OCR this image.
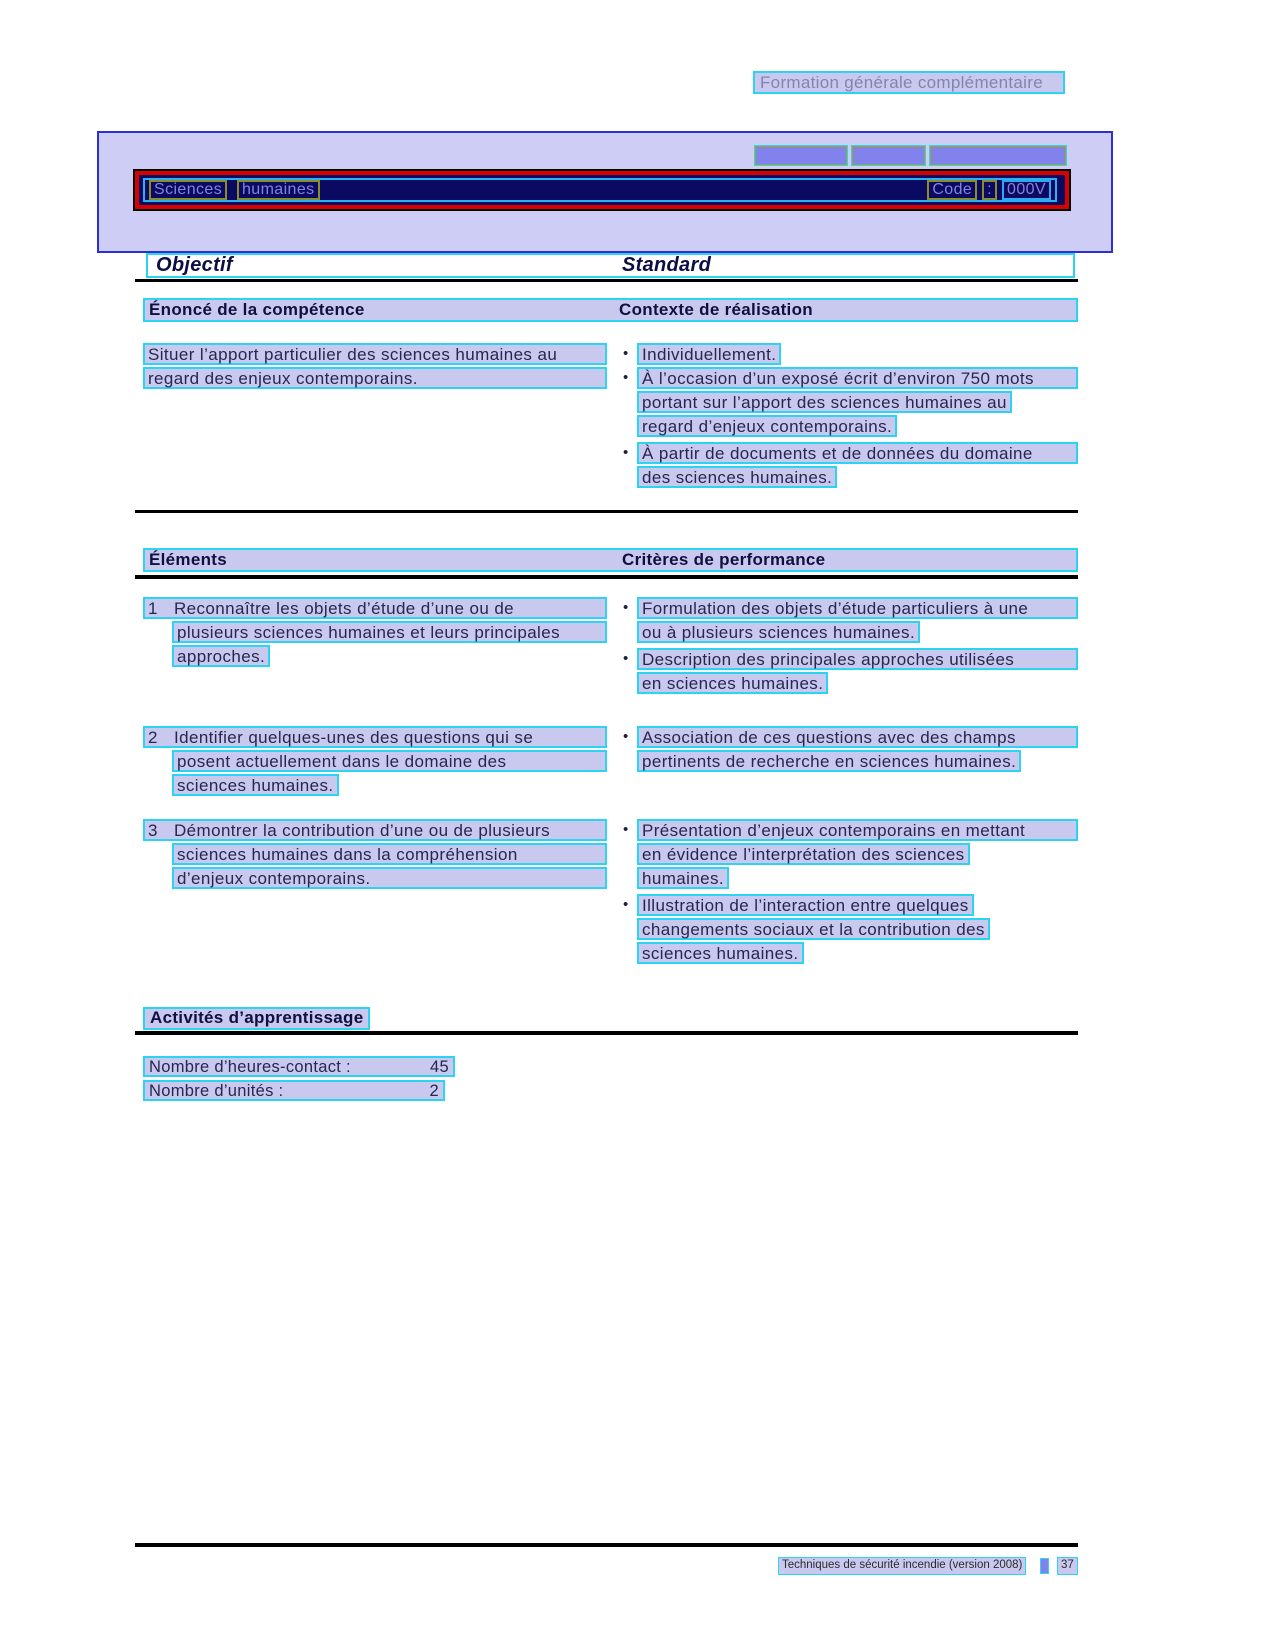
Formation générale complémentaire
Sciences humaines	Code : 000V
Objectif	Standard
Énoncé de la compétence	Contexte de réalisation
Situer l’apport particulier des sciences humaines au
regard des enjeux contemporains.
• Individuellement.
• À l’occasion d’un exposé écrit d’environ 750 mots
portant sur l’apport des sciences humaines au
regard d’enjeux contemporains.
• À partir de documents et de données du domaine
des sciences humaines.
Éléments	Critères de performance
1 Reconnaître les objets d’étude d’une ou de
plusieurs sciences humaines et leurs principales
approches.
• Formulation des objets d’étude particuliers à une
ou à plusieurs sciences humaines.
• Description des principales approches utilisées
en sciences humaines.
2 Identifier quelques-unes des questions qui se
posent actuellement dans le domaine des
sciences humaines.
• Association de ces questions avec des champs
pertinents de recherche en sciences humaines.
3 Démontrer la contribution d’une ou de plusieurs
sciences humaines dans la compréhension
d’enjeux contemporains.
• Présentation d’enjeux contemporains en mettant
en évidence l’interprétation des sciences
humaines.
• Illustration de l’interaction entre quelques
changements sociaux et la contribution des
sciences humaines.
Activités d’apprentissage
Nombre d’heures-contact :	45
Nombre d’unités :	2
Techniques de sécurité incendie (version 2008)	37
